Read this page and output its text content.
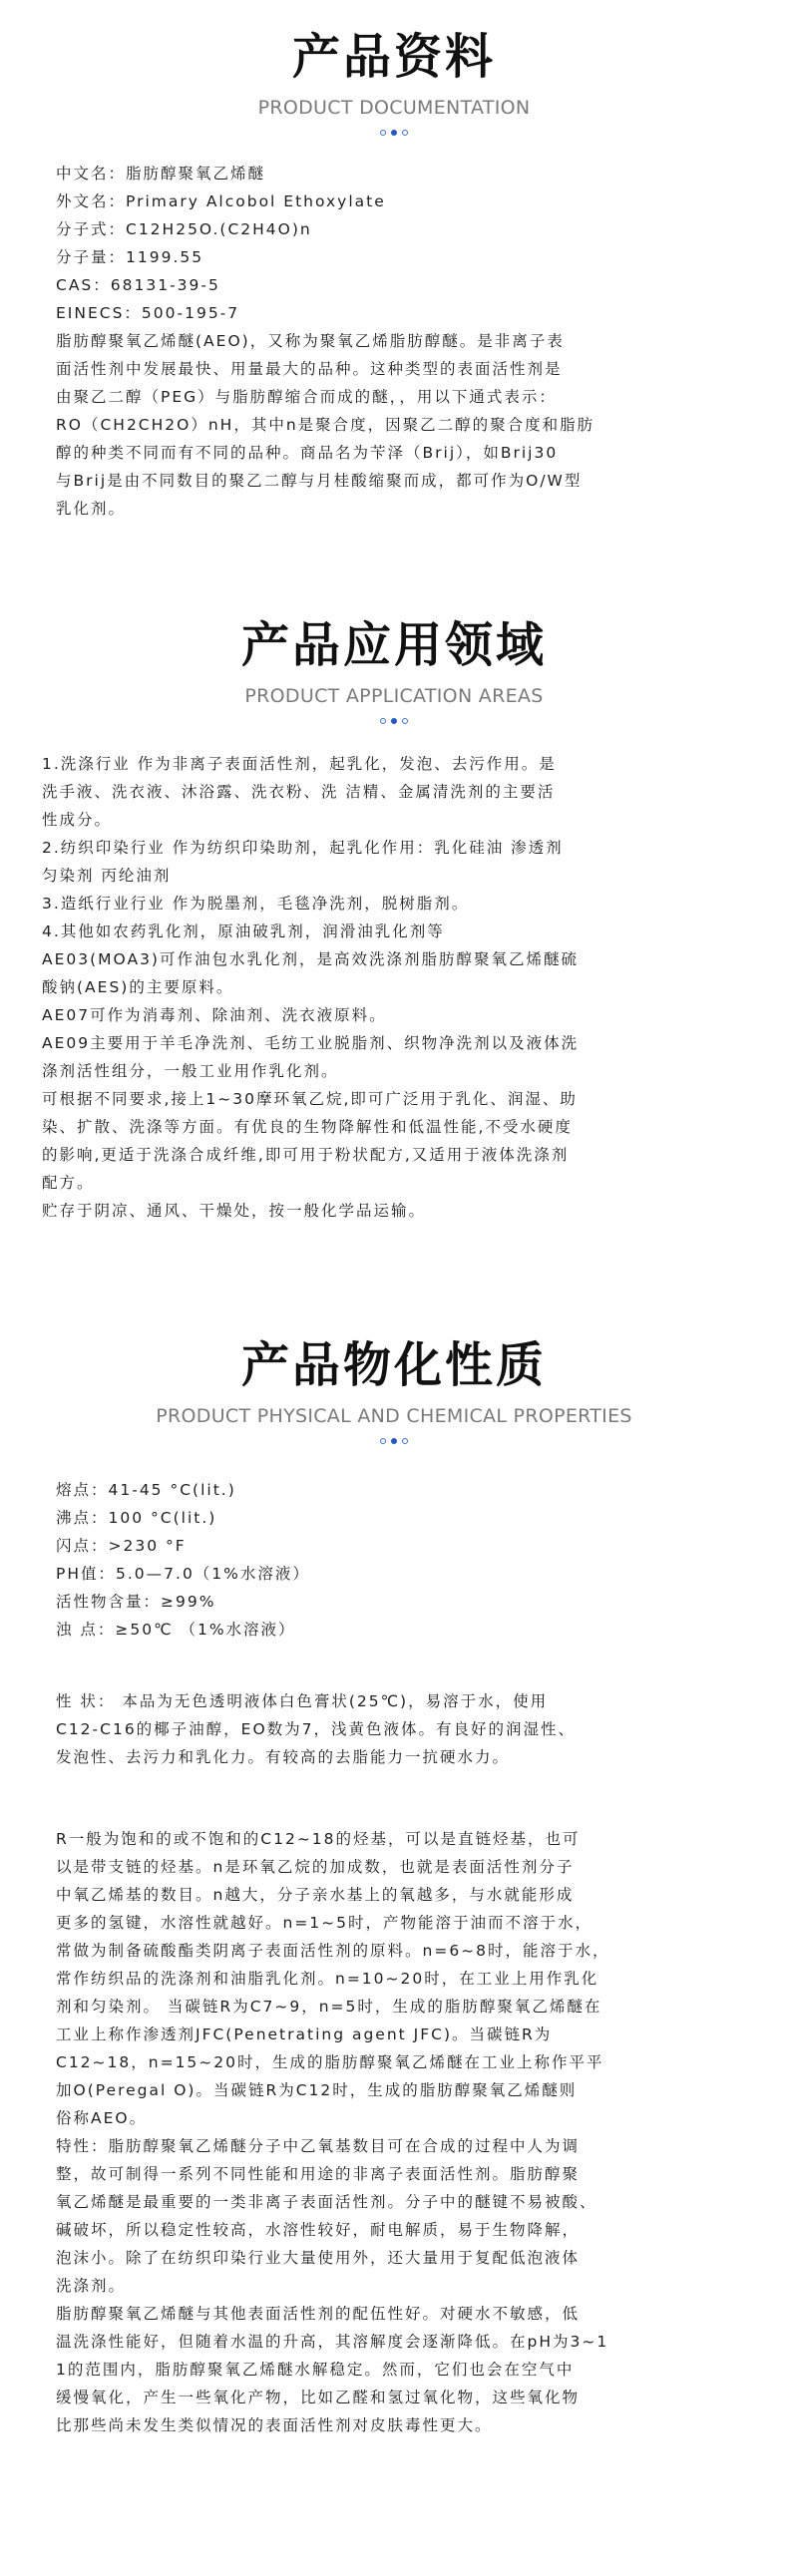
产品资料
PRODUCT DOCUMENTATION
中文名：脂肪醇聚氧乙烯醚
外文名：Primary Alcobol Ethoxylate
分子式：C12H25O.(C2H4O)n
分子量：1199.55
CAS：68131-39-5
EINECS：500-195-7
脂肪醇聚氧乙烯醚(AEO)，又称为聚氧乙烯脂肪醇醚。是非离子表
面活性剂中发展最快、用量最大的品种。这种类型的表面活性剂是
由聚乙二醇（PEG）与脂肪醇缩合而成的醚，，用以下通式表示：
RO（CH2CH2O）nH，其中n是聚合度，因聚乙二醇的聚合度和脂肪
醇的种类不同而有不同的品种。商品名为苄泽（Brij），如Brij30
与Brij是由不同数目的聚乙二醇与月桂酸缩聚而成，都可作为O/W型
乳化剂。
产品应用领域
PRODUCT APPLICATION AREAS
1.洗涤行业 作为非离子表面活性剂，起乳化，发泡、去污作用。是
洗手液、洗衣液、沐浴露、洗衣粉、洗 洁精、金属清洗剂的主要活
性成分。
2.纺织印染行业 作为纺织印染助剂，起乳化作用：乳化硅油 渗透剂
匀染剂 丙纶油剂
3.造纸行业行业 作为脱墨剂，毛毯净洗剂，脱树脂剂。
4.其他如农药乳化剂，原油破乳剂，润滑油乳化剂等
AE03(MOA3)可作油包水乳化剂，是高效洗涤剂脂肪醇聚氧乙烯醚硫
酸钠(AES)的主要原料。
AE07可作为消毒剂、除油剂、洗衣液原料。
AE09主要用于羊毛净洗剂、毛纺工业脱脂剂、织物净洗剂以及液体洗
涤剂活性组分，一般工业用作乳化剂。
可根据不同要求,接上1~30摩环氧乙烷,即可广泛用于乳化、润湿、助
染、扩散、洗涤等方面。有优良的生物降解性和低温性能,不受水硬度
的影响,更适于洗涤合成纤维,即可用于粉状配方,又适用于液体洗涤剂
配方。
贮存于阴凉、通风、干燥处，按一般化学品运输。
产品物化性质
PRODUCT PHYSICAL AND CHEMICAL PROPERTIES
熔点：41-45 °C(lit.)
沸点：100 °C(lit.)
闪点：>230 °F
PH值：5.0—7.0（1%水溶液）
活性物含量：≥99%
浊 点：≥50℃ （1%水溶液）
性 状： 本品为无色透明液体白色膏状(25℃)，易溶于水，使用
C12-C16的椰子油醇，EO数为7，浅黄色液体。有良好的润湿性、
发泡性、去污力和乳化力。有较高的去脂能力一抗硬水力。
R一般为饱和的或不饱和的C12~18的烃基，可以是直链烃基，也可
以是带支链的烃基。n是环氧乙烷的加成数，也就是表面活性剂分子
中氧乙烯基的数目。n越大，分子亲水基上的氧越多，与水就能形成
更多的氢键，水溶性就越好。n=1~5时，产物能溶于油而不溶于水，
常做为制备硫酸酯类阴离子表面活性剂的原料。n=6~8时，能溶于水，
常作纺织品的洗涤剂和油脂乳化剂。n=10~20时，在工业上用作乳化
剂和匀染剂。 当碳链R为C7~9，n=5时，生成的脂肪醇聚氧乙烯醚在
工业上称作渗透剂JFC(Penetrating agent JFC)。当碳链R为
C12~18，n=15~20时，生成的脂肪醇聚氧乙烯醚在工业上称作平平
加O(Peregal O)。当碳链R为C12时，生成的脂肪醇聚氧乙烯醚则
俗称AEO。
特性：脂肪醇聚氧乙烯醚分子中乙氧基数目可在合成的过程中人为调
整，故可制得一系列不同性能和用途的非离子表面活性剂。脂肪醇聚
氧乙烯醚是最重要的一类非离子表面活性剂。分子中的醚键不易被酸、
碱破坏，所以稳定性较高，水溶性较好，耐电解质，易于生物降解，
泡沫小。除了在纺织印染行业大量使用外，还大量用于复配低泡液体
洗涤剂。
脂肪醇聚氧乙烯醚与其他表面活性剂的配伍性好。对硬水不敏感，低
温洗涤性能好，但随着水温的升高，其溶解度会逐渐降低。在pH为3~1
1的范围内，脂肪醇聚氧乙烯醚水解稳定。然而，它们也会在空气中
缓慢氧化，产生一些氧化产物，比如乙醛和氢过氧化物，这些氧化物
比那些尚未发生类似情况的表面活性剂对皮肤毒性更大。
